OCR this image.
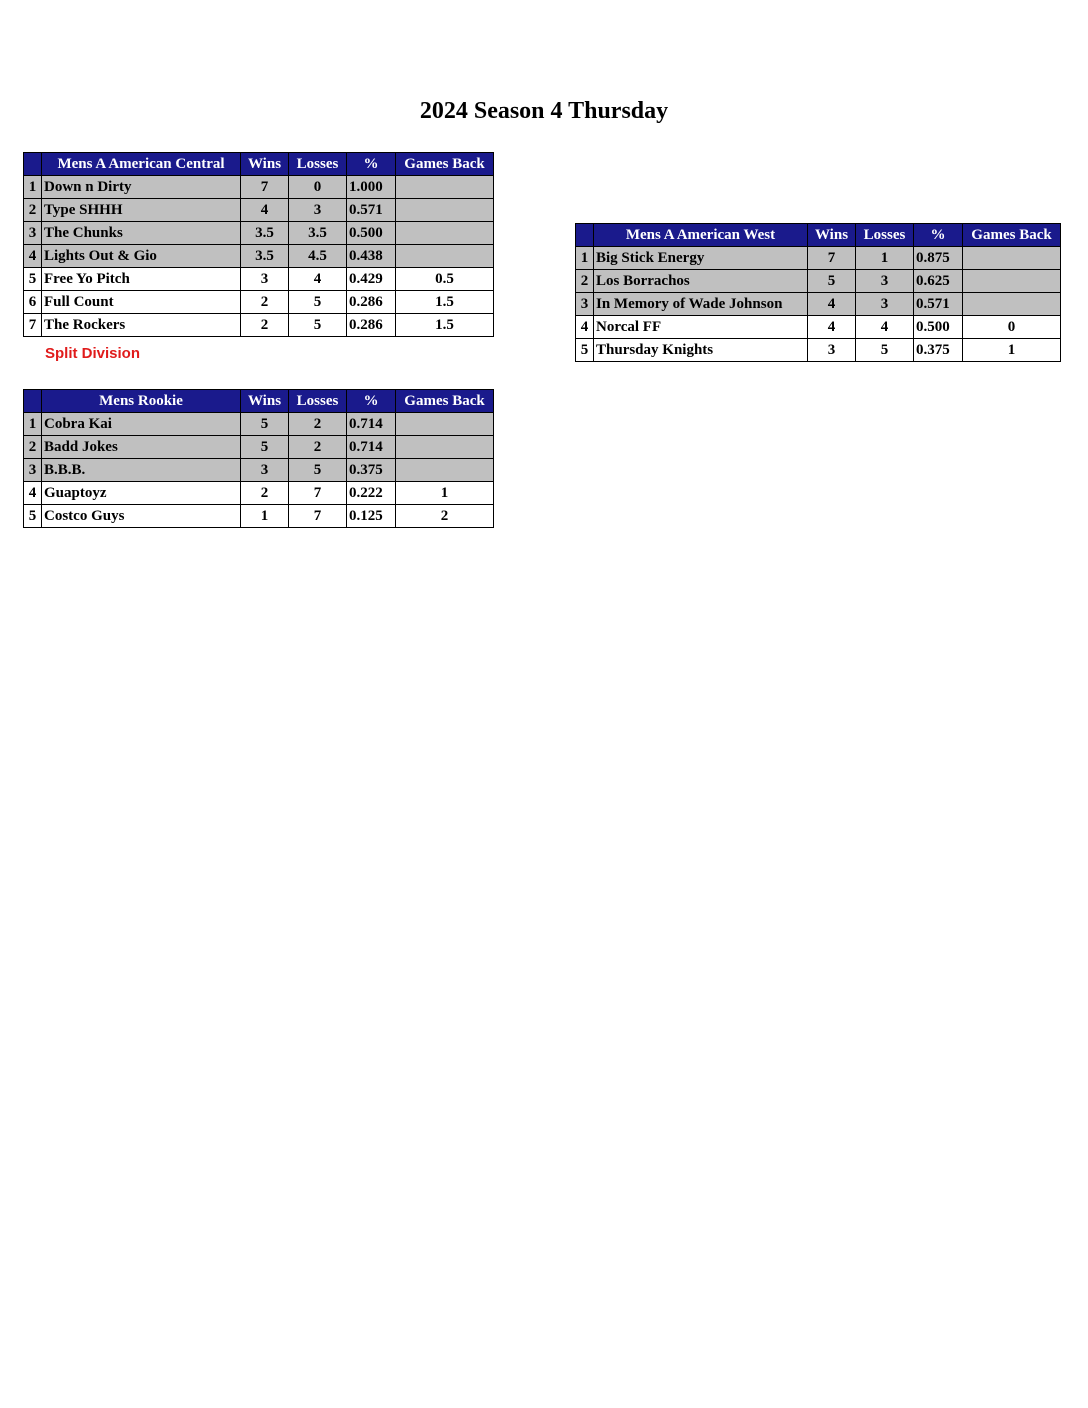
2024 Season 4 Thursday
	Mens A American Central	Wins	Losses	%	Games Back
1	Down n Dirty	7	0	1.000	
2	Type SHHH	4	3	0.571	
3	The Chunks	3.5	3.5	0.500	
4	Lights Out & Gio	3.5	4.5	0.438	
5	Free Yo Pitch	3	4	0.429	0.5
6	Full Count	2	5	0.286	1.5
7	The Rockers	2	5	0.286	1.5
Split Division
	Mens A American West	Wins	Losses	%	Games Back
1	Big Stick Energy	7	1	0.875	
2	Los Borrachos	5	3	0.625	
3	In Memory of Wade Johnson	4	3	0.571	
4	Norcal FF	4	4	0.500	0
5	Thursday Knights	3	5	0.375	1
	Mens Rookie	Wins	Losses	%	Games Back
1	Cobra Kai	5	2	0.714	
2	Badd Jokes	5	2	0.714	
3	B.B.B.	3	5	0.375	
4	Guaptoyz	2	7	0.222	1
5	Costco Guys	1	7	0.125	2
